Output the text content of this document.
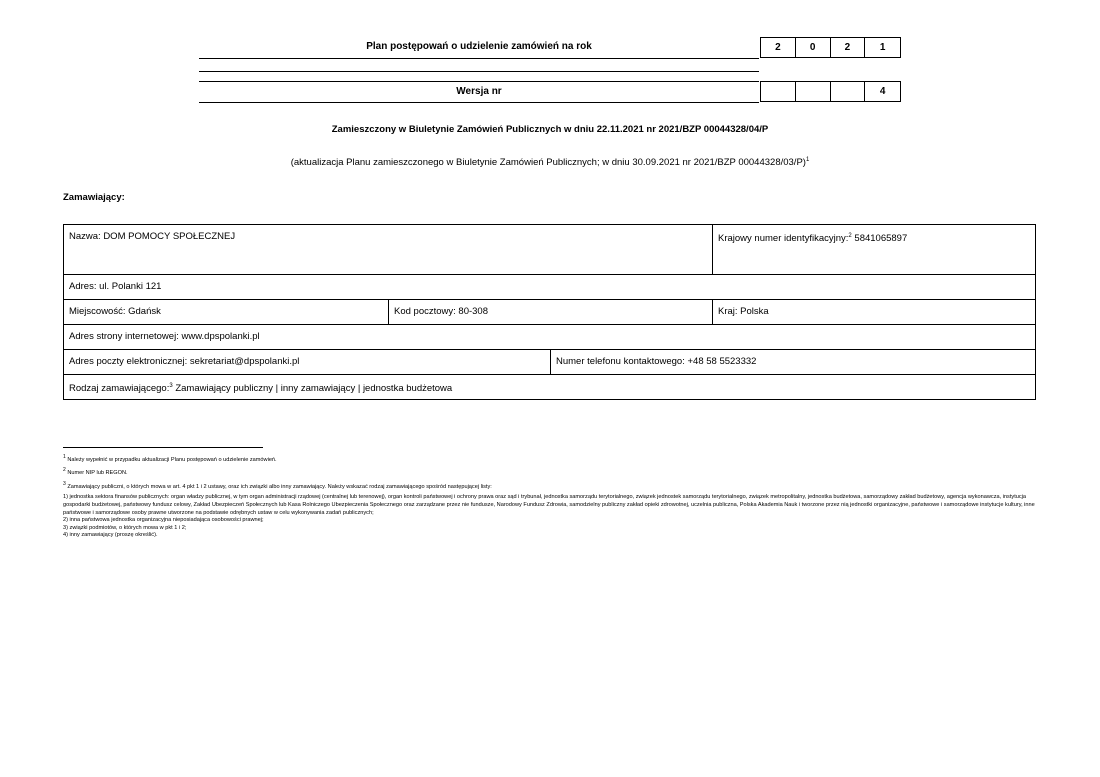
Plan postępowań o udzielenie zamówień na rok	2	0	2	1
Wersja nr	4
Zamieszczony w Biuletynie Zamówień Publicznych w dniu 22.11.2021 nr 2021/BZP 00044328/04/P
(aktualizacja Planu zamieszczonego w Biuletynie Zamówień Publicznych; w dniu 30.09.2021 nr 2021/BZP 00044328/03/P)$^1$
Zamawiający:
Nazwa: DOM POMOCY SPOŁECZNEJ	Krajowy numer identyfikacyjny:$^2$ 5841065897
Adres: ul. Polanki 121
Miejscowość: Gdańsk	Kod pocztowy: 80-308	Kraj: Polska
Adres strony internetowej: www.dpspolanki.pl
Adres poczty elektronicznej: sekretariat@dpspolanki.pl	Numer telefonu kontaktowego: +48 58 5523332
Rodzaj zamawiającego:$^3$ Zamawiający publiczny | inny zamawiający | jednostka budżetowa

$^1$ Należy wypełnić w przypadku aktualizacji Planu postępowań o udzielenie zamówień.

$^2$ Numer NIP lub REGON.

$^3$ Zamawiający publiczni, o których mowa w art. 4 pkt 1 i 2 ustawy, oraz ich związki albo inny zamawiający. Należy wskazać rodzaj zamawiającego spośród następującej listy:

1) jednostka sektora finansów publicznych: organ władzy publicznej, w tym organ administracji rządowej (centralnej lub terenowej), organ kontroli państwowej i ochrony prawa oraz sąd i trybunał, jednostka samorządu terytorialnego, związek jednostek samorządu terytorialnego, związek metropolitalny, jednostka budżetowa, samorządowy zakład budżetowy, agencja wykonawcza, instytucja gospodarki budżetowej, państwowy fundusz celowy, Zakład Ubezpieczeń Społecznych lub Kasa Rolniczego Ubezpieczenia Społecznego oraz zarządzane przez nie fundusze, Narodowy Fundusz Zdrowia, samodzielny publiczny zakład opieki zdrowotnej, uczelnia publiczna, Polska Akademia Nauk i tworzone przez nią jednostki organizacyjne, państwowe i samorządowe instytucje kultury, inne państwowe i samorządowe osoby prawne utworzone na podstawie odrębnych ustaw w celu wykonywania zadań publicznych;

2) inna państwowa jednostka organizacyjna nieposiadająca osobowości prawnej;

3) związki podmiotów, o których mowa w pkt 1 i 2;

4) inny zamawiający (proszę określić).
